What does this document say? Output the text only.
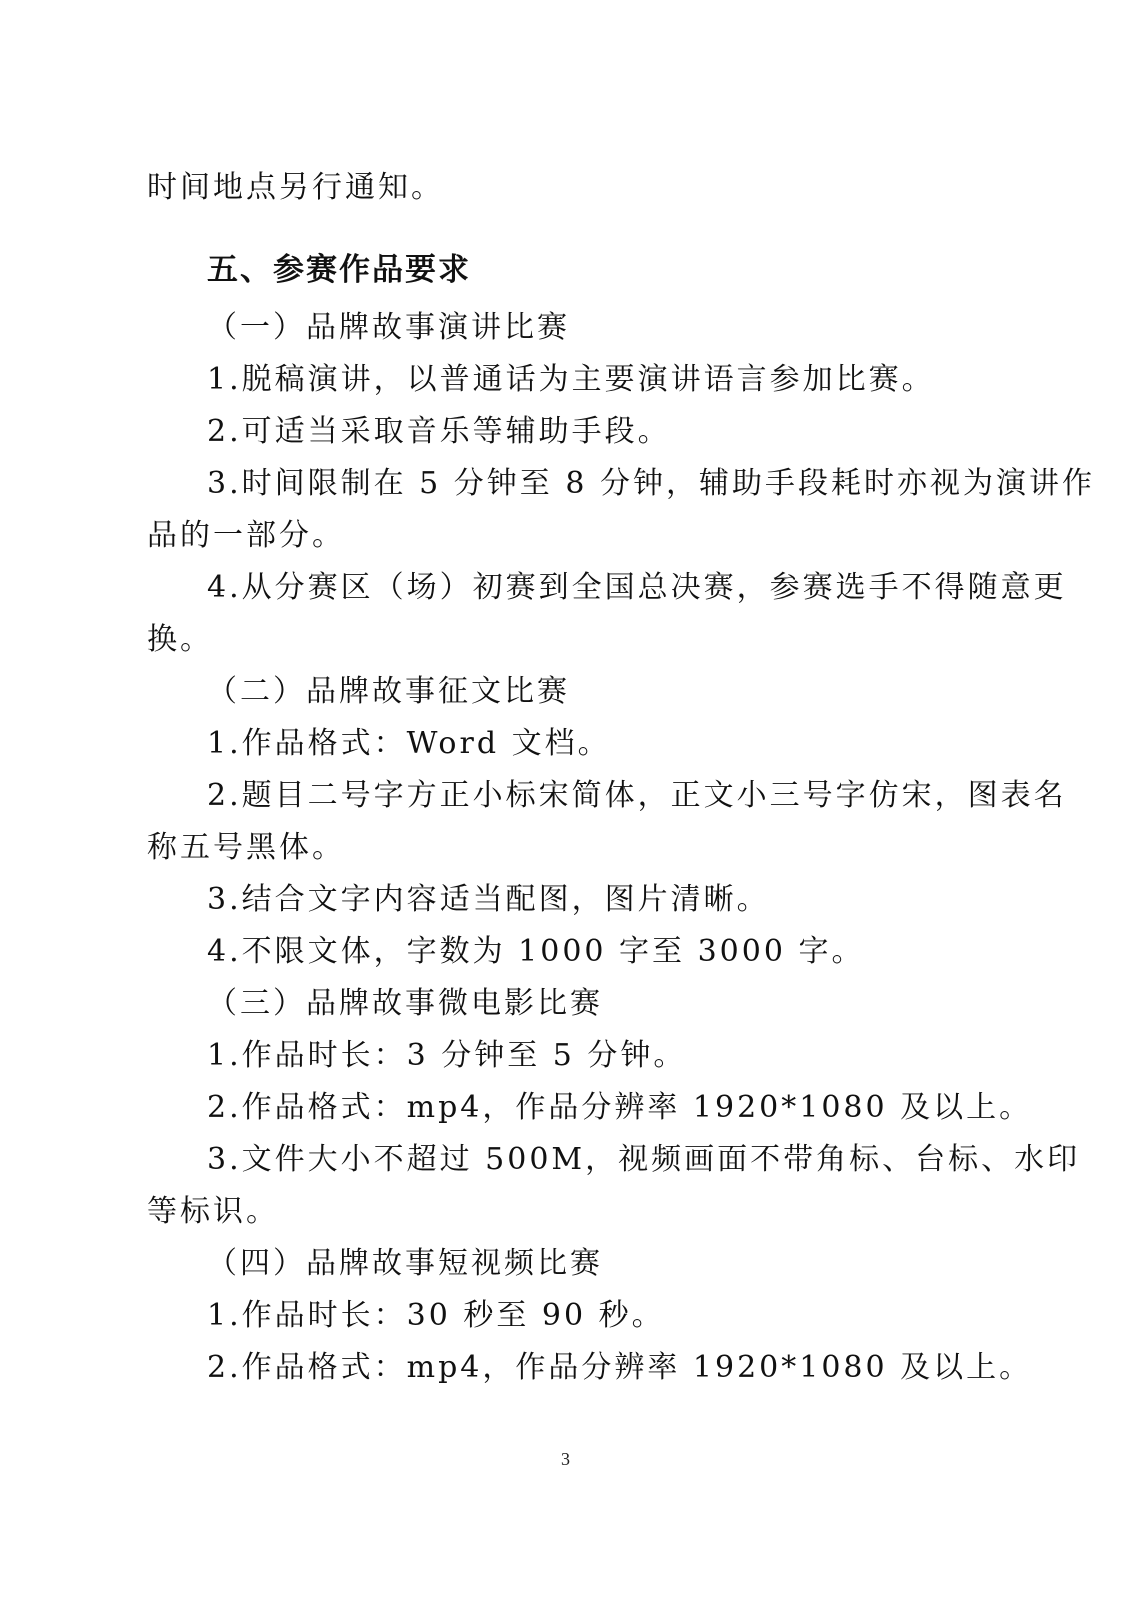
时间地点另行通知。

五、参赛作品要求

（一）品牌故事演讲比赛

1.脱稿演讲，以普通话为主要演讲语言参加比赛。

2.可适当采取音乐等辅助手段。

3.时间限制在 5 分钟至 8 分钟，辅助手段耗时亦视为演讲作

品的一部分。

4.从分赛区（场）初赛到全国总决赛，参赛选手不得随意更

换。

（二）品牌故事征文比赛

1.作品格式：Word 文档。

2.题目二号字方正小标宋简体，正文小三号字仿宋，图表名

称五号黑体。

3.结合文字内容适当配图，图片清晰。

4.不限文体，字数为 1000 字至 3000 字。

（三）品牌故事微电影比赛

1.作品时长：3 分钟至 5 分钟。

2.作品格式：mp4，作品分辨率 1920*1080 及以上。

3.文件大小不超过 500M，视频画面不带角标、台标、水印

等标识。

（四）品牌故事短视频比赛

1.作品时长：30 秒至 90 秒。

2.作品格式：mp4，作品分辨率 1920*1080 及以上。

3
